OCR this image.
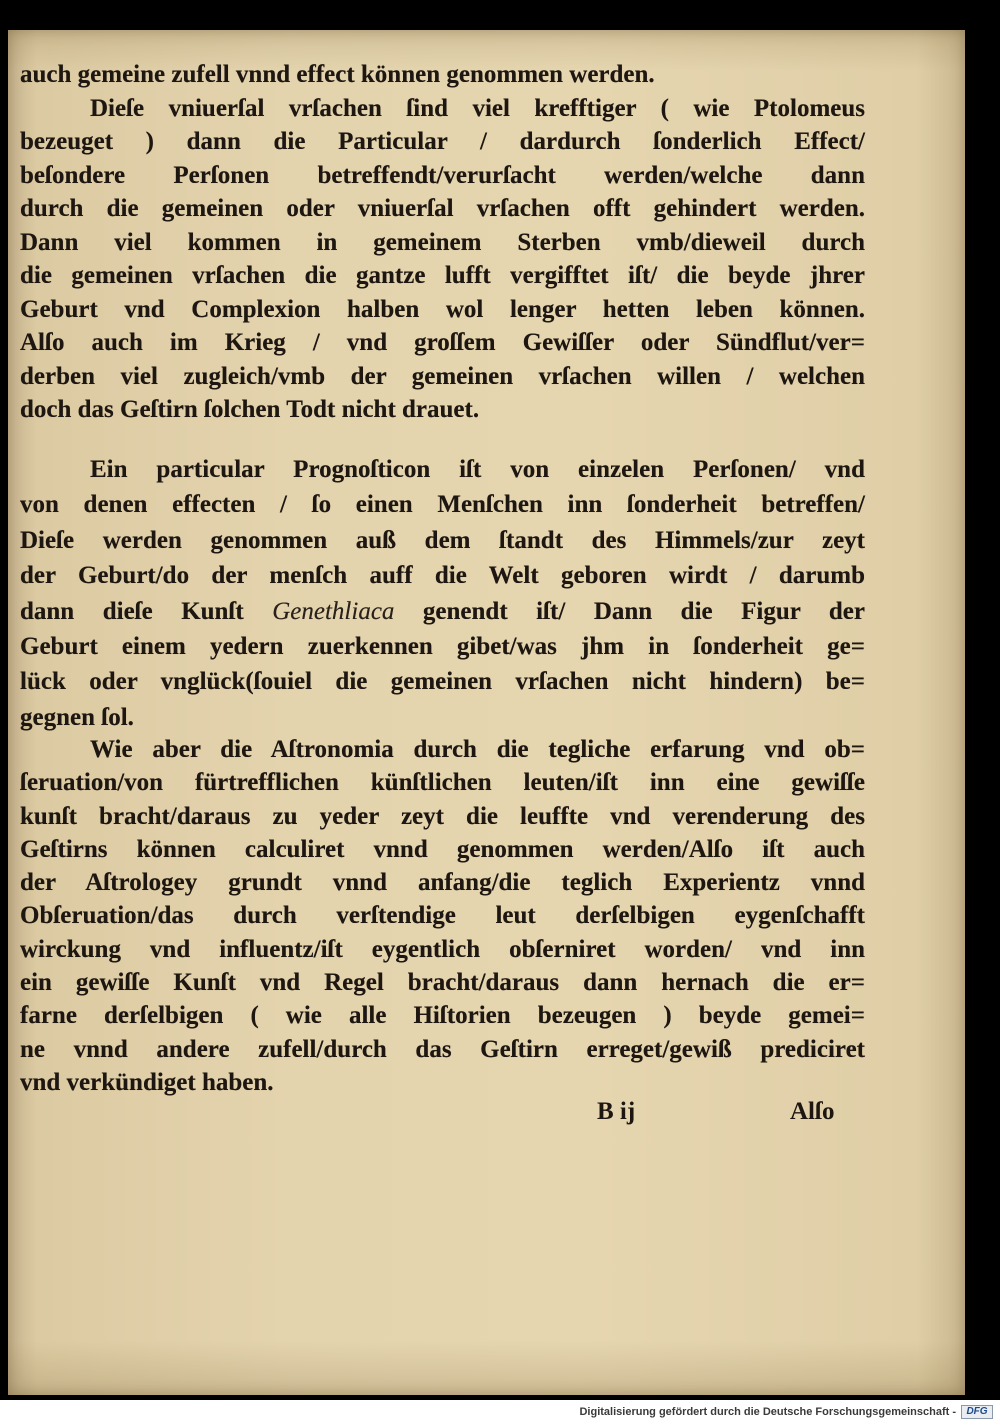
auch gemeine zufell vnnd effect können genommen werden.
Dieſe vniuerſal vrſachen ſind viel krefftiger ( wie Ptolomeus
bezeuget ) dann die Particular / dardurch ſonderlich Effect/
beſondere Perſonen betreffendt/verurſacht werden/welche dann
durch die gemeinen oder vniuerſal vrſachen offt gehindert werden.
Dann viel kommen in gemeinem Sterben vmb/dieweil durch
die gemeinen vrſachen die gantze lufft vergifftet iſt/ die beyde jhrer
Geburt vnd Complexion halben wol lenger hetten leben können.
Alſo auch im Krieg / vnd groſſem Gewiſſer oder Sündflut/ver=
derben viel zugleich/vmb der gemeinen vrſachen willen / welchen
doch das Geſtirn ſolchen Todt nicht drauet.
Ein particular Prognoſticon iſt von einzelen Perſonen/ vnd
von denen effecten / ſo einen Menſchen inn ſonderheit betreffen/
Dieſe werden genommen auß dem ſtandt des Himmels/zur zeyt
der Geburt/do der menſch auff die Welt geboren wirdt / darumb
dann dieſe Kunſt Genethliaca genendt iſt/ Dann die Figur der
Geburt einem yedern zuerkennen gibet/was jhm in ſonderheit ge=
lück oder vnglück(ſouiel die gemeinen vrſachen nicht hindern) be=
gegnen ſol.
Wie aber die Aſtronomia durch die tegliche erfarung vnd ob=
ſeruation/von fürtrefflichen künſtlichen leuten/iſt inn eine gewiſſe
kunſt bracht/daraus zu yeder zeyt die leuffte vnd verenderung des
Geſtirns können calculiret vnnd genommen werden/Alſo iſt auch
der Aſtrologey grundt vnnd anfang/die teglich Experientz vnnd
Obſeruation/das durch verſtendige leut derſelbigen eygenſchafft
wirckung vnd influentz/iſt eygentlich obſerniret worden/ vnd inn
ein gewiſſe Kunſt vnd Regel bracht/daraus dann hernach die er=
farne derſelbigen ( wie alle Hiſtorien bezeugen ) beyde gemei=
ne vnnd andere zufell/durch das Geſtirn erreget/gewiß prediciret
vnd verkündiget haben.
B ij	Alſo
Digitalisierung gefördert durch die Deutsche Forschungsgemeinschaft -	DFG
